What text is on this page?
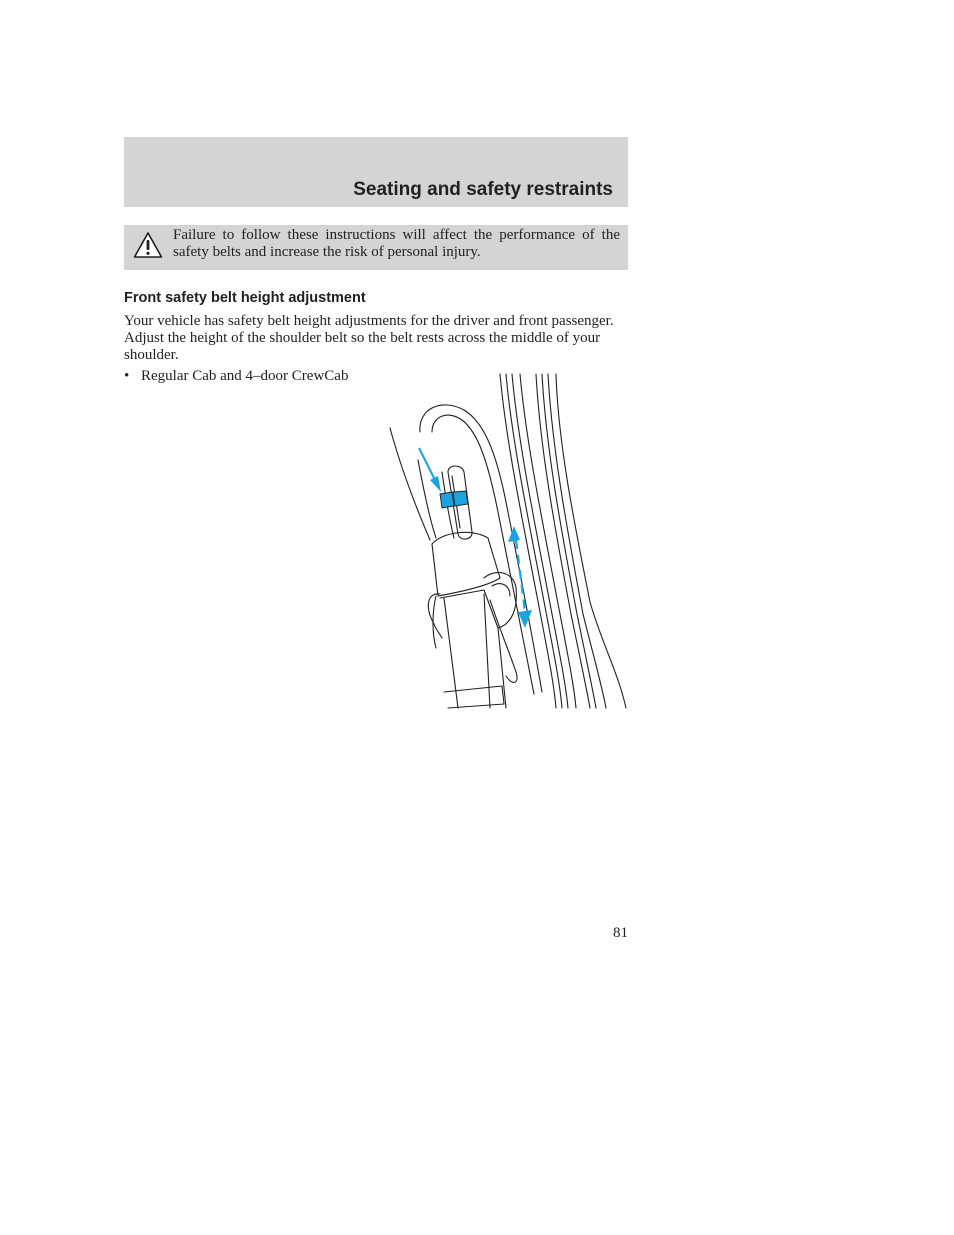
Seating and safety restraints
Failure to follow these instructions will affect the performance of the safety belts and increase the risk of personal injury.
Front safety belt height adjustment
Your vehicle has safety belt height adjustments for the driver and front passenger. Adjust the height of the shoulder belt so the belt rests across the middle of your shoulder.
• Regular Cab and 4–door CrewCab
81
